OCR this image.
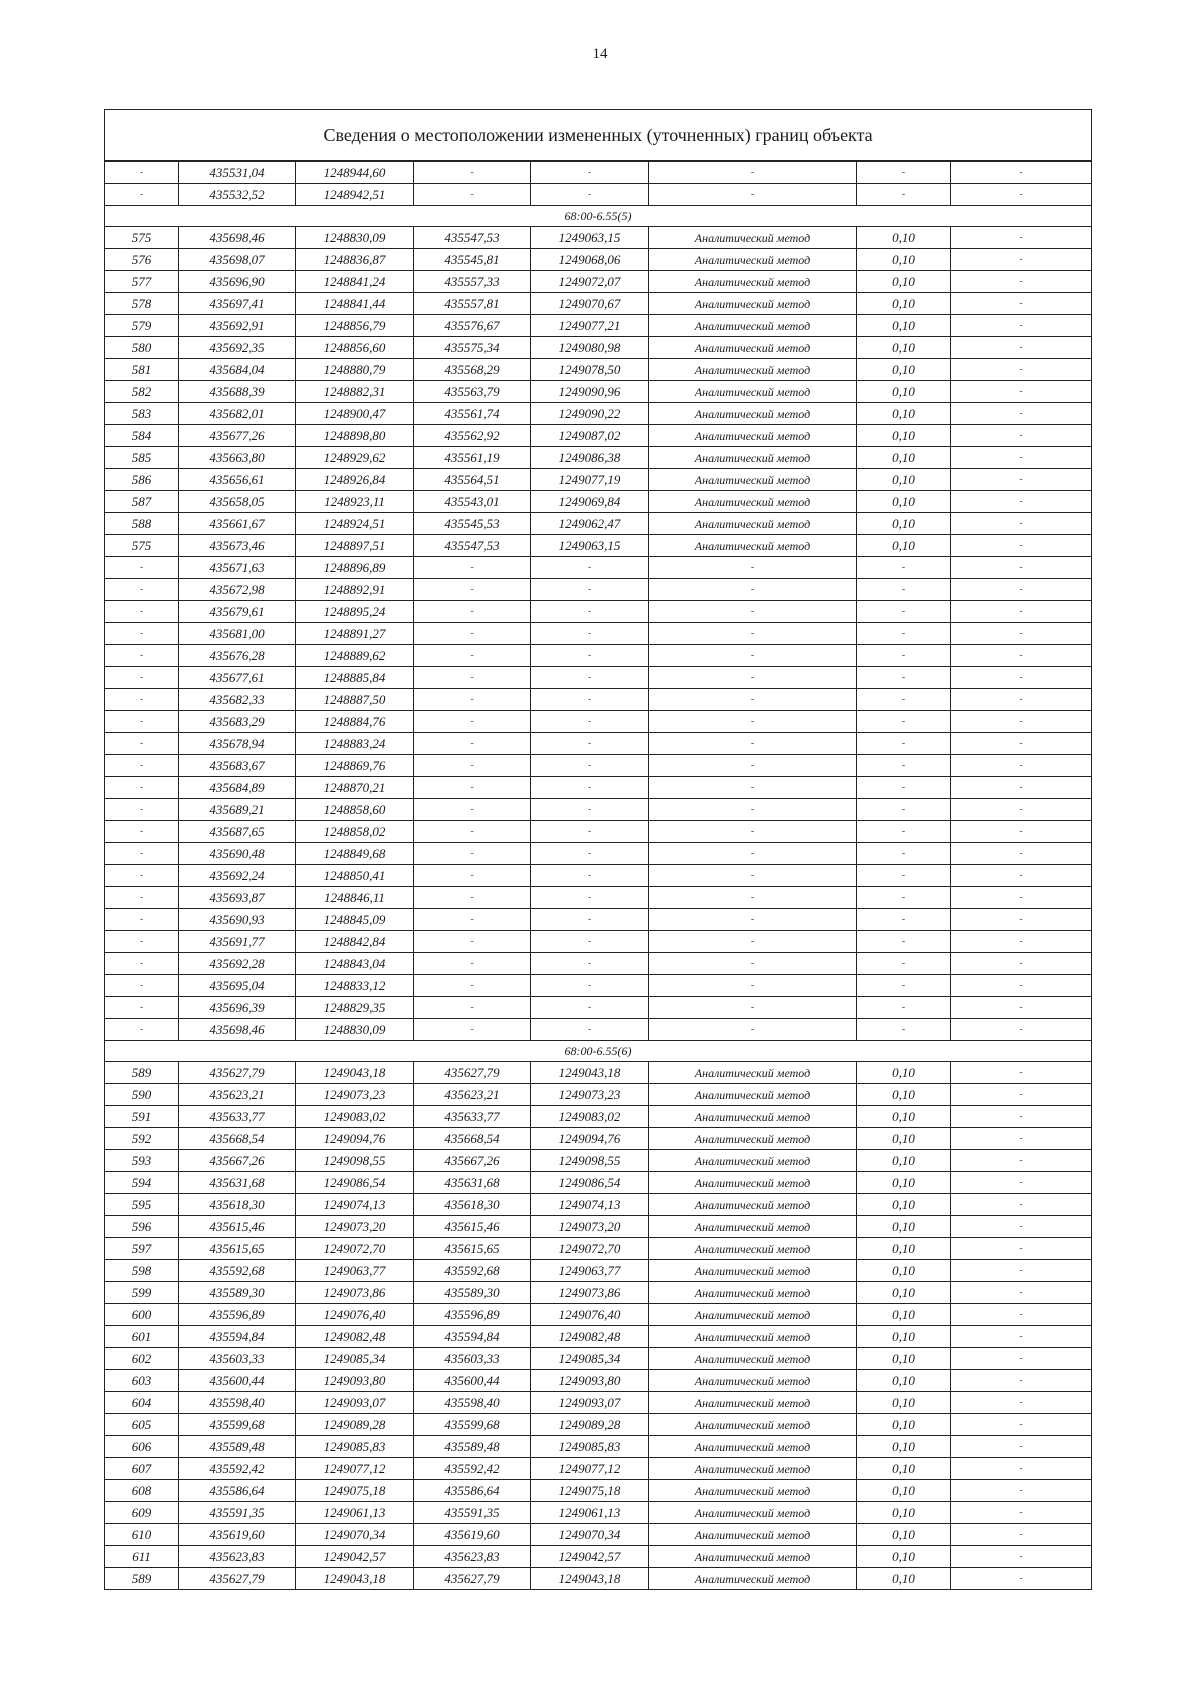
14
Сведения о местоположении измененных (уточненных) границ объекта							
-	435531,04	1248944,60	-	-	-	-	-
-	435532,52	1248942,51	-	-	-	-	-
68:00-6.55(5)							
575	435698,46	1248830,09	435547,53	1249063,15	Аналитический метод	0,10	-
576	435698,07	1248836,87	435545,81	1249068,06	Аналитический метод	0,10	-
577	435696,90	1248841,24	435557,33	1249072,07	Аналитический метод	0,10	-
578	435697,41	1248841,44	435557,81	1249070,67	Аналитический метод	0,10	-
579	435692,91	1248856,79	435576,67	1249077,21	Аналитический метод	0,10	-
580	435692,35	1248856,60	435575,34	1249080,98	Аналитический метод	0,10	-
581	435684,04	1248880,79	435568,29	1249078,50	Аналитический метод	0,10	-
582	435688,39	1248882,31	435563,79	1249090,96	Аналитический метод	0,10	-
583	435682,01	1248900,47	435561,74	1249090,22	Аналитический метод	0,10	-
584	435677,26	1248898,80	435562,92	1249087,02	Аналитический метод	0,10	-
585	435663,80	1248929,62	435561,19	1249086,38	Аналитический метод	0,10	-
586	435656,61	1248926,84	435564,51	1249077,19	Аналитический метод	0,10	-
587	435658,05	1248923,11	435543,01	1249069,84	Аналитический метод	0,10	-
588	435661,67	1248924,51	435545,53	1249062,47	Аналитический метод	0,10	-
575	435673,46	1248897,51	435547,53	1249063,15	Аналитический метод	0,10	-
-	435671,63	1248896,89	-	-	-	-	-
-	435672,98	1248892,91	-	-	-	-	-
-	435679,61	1248895,24	-	-	-	-	-
-	435681,00	1248891,27	-	-	-	-	-
-	435676,28	1248889,62	-	-	-	-	-
-	435677,61	1248885,84	-	-	-	-	-
-	435682,33	1248887,50	-	-	-	-	-
-	435683,29	1248884,76	-	-	-	-	-
-	435678,94	1248883,24	-	-	-	-	-
-	435683,67	1248869,76	-	-	-	-	-
-	435684,89	1248870,21	-	-	-	-	-
-	435689,21	1248858,60	-	-	-	-	-
-	435687,65	1248858,02	-	-	-	-	-
-	435690,48	1248849,68	-	-	-	-	-
-	435692,24	1248850,41	-	-	-	-	-
-	435693,87	1248846,11	-	-	-	-	-
-	435690,93	1248845,09	-	-	-	-	-
-	435691,77	1248842,84	-	-	-	-	-
-	435692,28	1248843,04	-	-	-	-	-
-	435695,04	1248833,12	-	-	-	-	-
-	435696,39	1248829,35	-	-	-	-	-
-	435698,46	1248830,09	-	-	-	-	-
68:00-6.55(6)							
589	435627,79	1249043,18	435627,79	1249043,18	Аналитический метод	0,10	-
590	435623,21	1249073,23	435623,21	1249073,23	Аналитический метод	0,10	-
591	435633,77	1249083,02	435633,77	1249083,02	Аналитический метод	0,10	-
592	435668,54	1249094,76	435668,54	1249094,76	Аналитический метод	0,10	-
593	435667,26	1249098,55	435667,26	1249098,55	Аналитический метод	0,10	-
594	435631,68	1249086,54	435631,68	1249086,54	Аналитический метод	0,10	-
595	435618,30	1249074,13	435618,30	1249074,13	Аналитический метод	0,10	-
596	435615,46	1249073,20	435615,46	1249073,20	Аналитический метод	0,10	-
597	435615,65	1249072,70	435615,65	1249072,70	Аналитический метод	0,10	-
598	435592,68	1249063,77	435592,68	1249063,77	Аналитический метод	0,10	-
599	435589,30	1249073,86	435589,30	1249073,86	Аналитический метод	0,10	-
600	435596,89	1249076,40	435596,89	1249076,40	Аналитический метод	0,10	-
601	435594,84	1249082,48	435594,84	1249082,48	Аналитический метод	0,10	-
602	435603,33	1249085,34	435603,33	1249085,34	Аналитический метод	0,10	-
603	435600,44	1249093,80	435600,44	1249093,80	Аналитический метод	0,10	-
604	435598,40	1249093,07	435598,40	1249093,07	Аналитический метод	0,10	-
605	435599,68	1249089,28	435599,68	1249089,28	Аналитический метод	0,10	-
606	435589,48	1249085,83	435589,48	1249085,83	Аналитический метод	0,10	-
607	435592,42	1249077,12	435592,42	1249077,12	Аналитический метод	0,10	-
608	435586,64	1249075,18	435586,64	1249075,18	Аналитический метод	0,10	-
609	435591,35	1249061,13	435591,35	1249061,13	Аналитический метод	0,10	-
610	435619,60	1249070,34	435619,60	1249070,34	Аналитический метод	0,10	-
611	435623,83	1249042,57	435623,83	1249042,57	Аналитический метод	0,10	-
589	435627,79	1249043,18	435627,79	1249043,18	Аналитический метод	0,10	-
